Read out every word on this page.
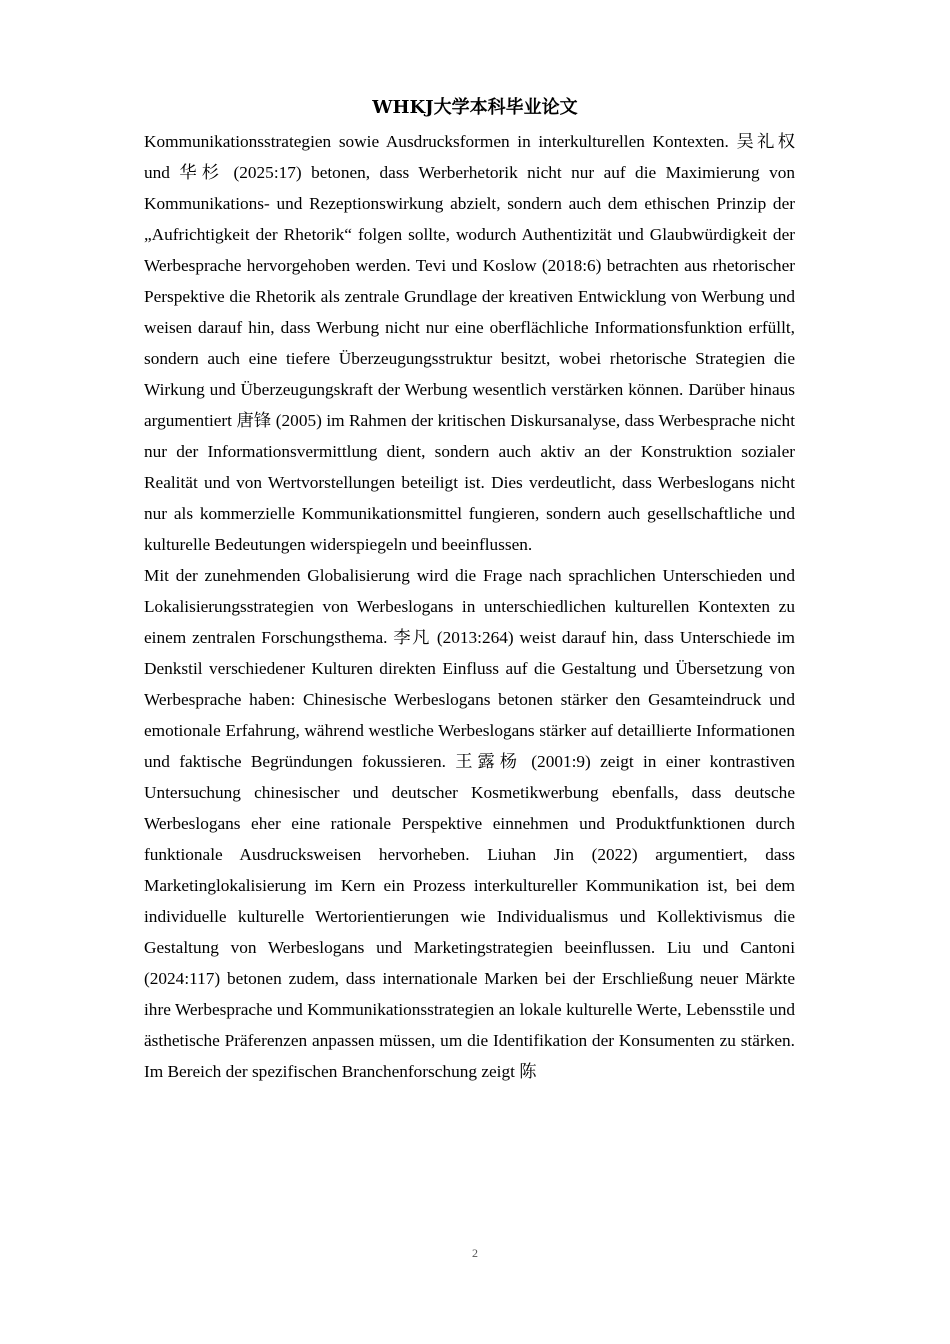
WHKJ大学本科毕业论文

Kommunikationsstrategien sowie Ausdrucksformen in interkulturellen Kontexten. 吴礼权 und 华杉 (2025:17) betonen, dass Werberhetorik nicht nur auf die Maximierung von Kommunikations- und Rezeptionswirkung abzielt, sondern auch dem ethischen Prinzip der „Aufrichtigkeit der Rhetorik“ folgen sollte, wodurch Authentizität und Glaubwürdigkeit der Werbesprache hervorgehoben werden. Tevi und Koslow (2018:6) betrachten aus rhetorischer Perspektive die Rhetorik als zentrale Grundlage der kreativen Entwicklung von Werbung und weisen darauf hin, dass Werbung nicht nur eine oberflächliche Informationsfunktion erfüllt, sondern auch eine tiefere Überzeugungsstruktur besitzt, wobei rhetorische Strategien die Wirkung und Überzeugungskraft der Werbung wesentlich verstärken können. Darüber hinaus argumentiert 唐锋 (2005) im Rahmen der kritischen Diskursanalyse, dass Werbesprache nicht nur der Informationsvermittlung dient, sondern auch aktiv an der Konstruktion sozialer Realität und von Wertvorstellungen beteiligt ist. Dies verdeutlicht, dass Werbeslogans nicht nur als kommerzielle Kommunikationsmittel fungieren, sondern auch gesellschaftliche und kulturelle Bedeutungen widerspiegeln und beeinflussen.

Mit der zunehmenden Globalisierung wird die Frage nach sprachlichen Unterschieden und Lokalisierungsstrategien von Werbeslogans in unterschiedlichen kulturellen Kontexten zu einem zentralen Forschungsthema. 李凡 (2013:264) weist darauf hin, dass Unterschiede im Denkstil verschiedener Kulturen direkten Einfluss auf die Gestaltung und Übersetzung von Werbesprache haben: Chinesische Werbeslogans betonen stärker den Gesamteindruck und emotionale Erfahrung, während westliche Werbeslogans stärker auf detaillierte Informationen und faktische Begründungen fokussieren. 王露杨 (2001:9) zeigt in einer kontrastiven Untersuchung chinesischer und deutscher Kosmetikwerbung ebenfalls, dass deutsche Werbeslogans eher eine rationale Perspektive einnehmen und Produktfunktionen durch funktionale Ausdrucksweisen hervorheben. Liuhan Jin (2022) argumentiert, dass Marketinglokalisierung im Kern ein Prozess interkultureller Kommunikation ist, bei dem individuelle kulturelle Wertorientierungen wie Individualismus und Kollektivismus die Gestaltung von Werbeslogans und Marketingstrategien beeinflussen. Liu und Cantoni (2024:117) betonen zudem, dass internationale Marken bei der Erschließung neuer Märkte ihre Werbesprache und Kommunikationsstrategien an lokale kulturelle Werte, Lebensstile und ästhetische Präferenzen anpassen müssen, um die Identifikation der Konsumenten zu stärken. Im Bereich der spezifischen Branchenforschung zeigt 陈

2
